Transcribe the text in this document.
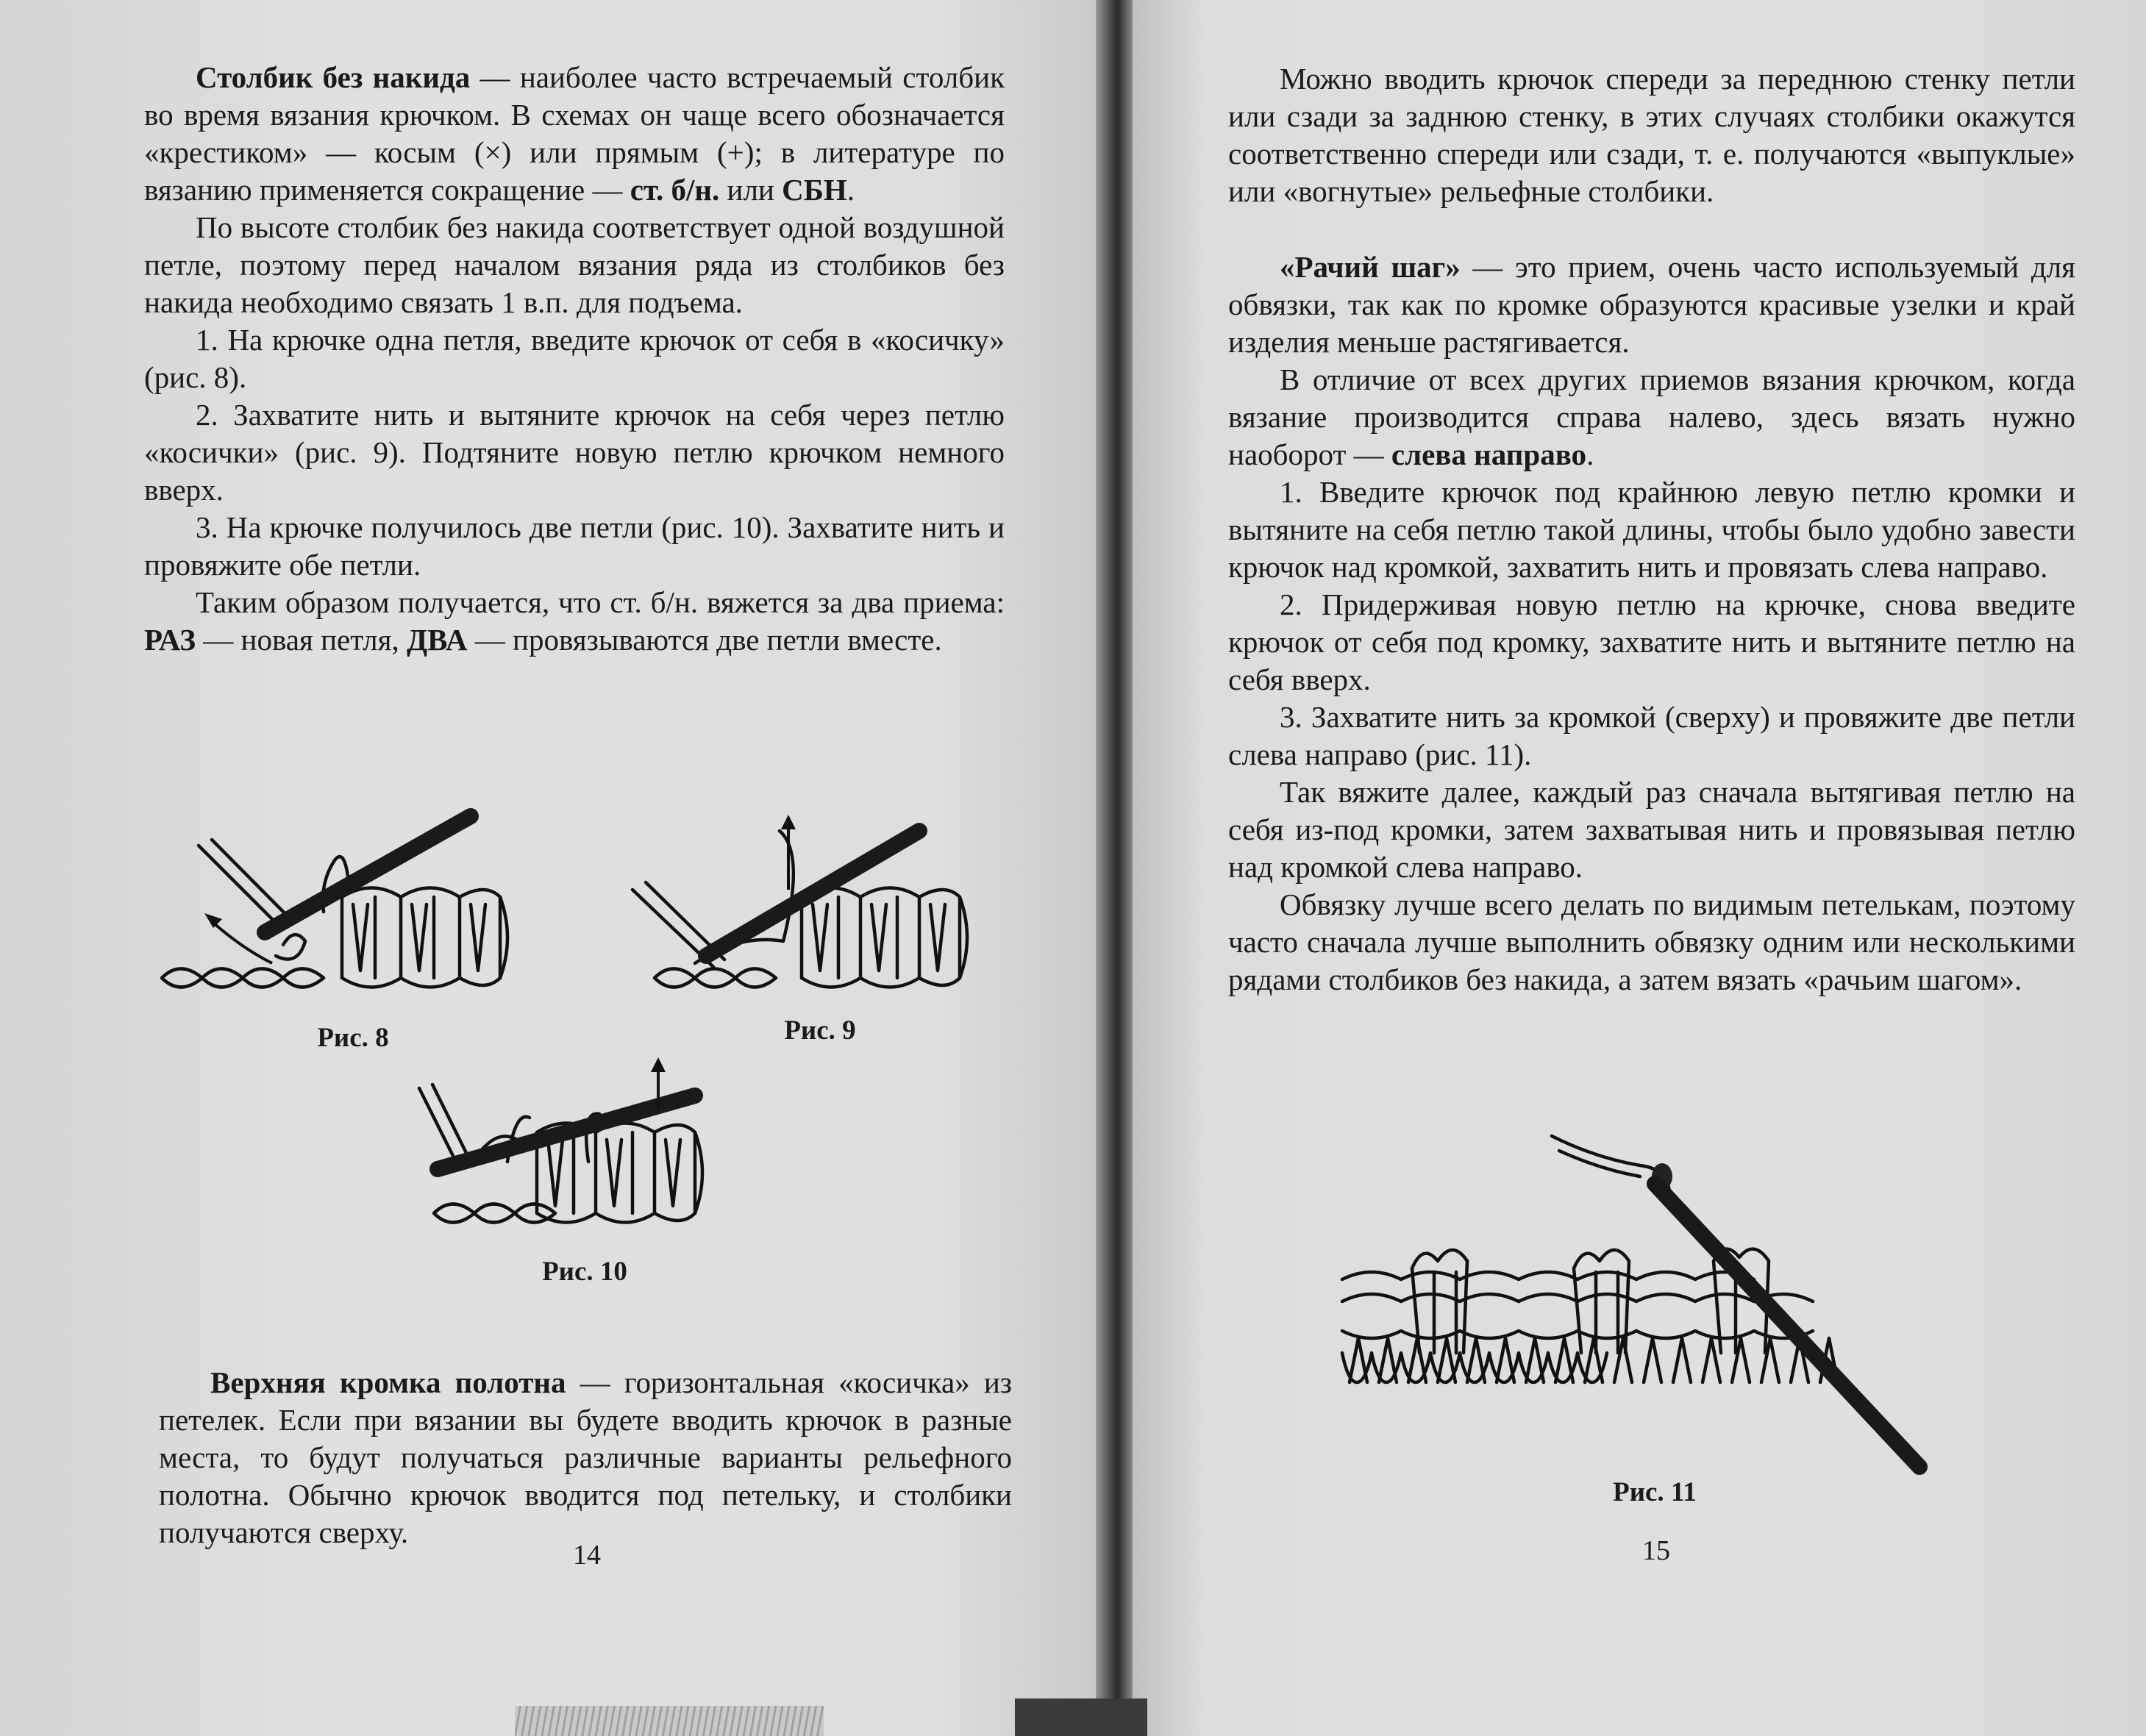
Столбик без накида — наиболее часто встречаемый столбик во время вязания крючком. В схемах он чаще всего обозначается «крестиком» — косым (×) или прямым (+); в литературе по вязанию применяется сокращение — ст. б/н. или СБН.

По высоте столбик без накида соответствует одной воздушной петле, поэтому перед началом вязания ряда из столбиков без накида необходимо связать 1 в.п. для подъема.

1. На крючке одна петля, введите крючок от себя в «косичку» (рис. 8).

2. Захватите нить и вытяните крючок на себя через петлю «косички» (рис. 9). Подтяните новую петлю крючком немного вверх.

3. На крючке получилось две петли (рис. 10). Захватите нить и провяжите обе петли.

Таким образом получается, что ст. б/н. вяжется за два приема: РАЗ — новая петля, ДВА — провязываются две петли вместе.

Рис. 8	Рис. 9
Рис. 10

Верхняя кромка полотна — горизонтальная «косичка» из петелек. Если при вязании вы будете вводить крючок в разные места, то будут получаться различные варианты рельефного полотна. Обычно крючок вводится под петельку, и столбики получаются сверху.

14

Можно вводить крючок спереди за переднюю стенку петли или сзади за заднюю стенку, в этих случаях столбики окажутся соответственно спереди или сзади, т. е. получаются «выпуклые» или «вогнутые» рельефные столбики.

«Рачий шаг» — это прием, очень часто используемый для обвязки, так как по кромке образуются красивые узелки и край изделия меньше растягивается.

В отличие от всех других приемов вязания крючком, когда вязание производится справа налево, здесь вязать нужно наоборот — слева направо.

1. Введите крючок под крайнюю левую петлю кромки и вытяните на себя петлю такой длины, чтобы было удобно завести крючок над кромкой, захватить нить и провязать слева направо.

2. Придерживая новую петлю на крючке, снова введите крючок от себя под кромку, захватите нить и вытяните петлю на себя вверх.

3. Захватите нить за кромкой (сверху) и провяжите две петли слева направо (рис. 11).

Так вяжите далее, каждый раз сначала вытягивая петлю на себя из-под кромки, затем захватывая нить и провязывая петлю над кромкой слева направо.

Обвязку лучше всего делать по видимым петелькам, поэтому часто сначала лучше выполнить обвязку одним или несколькими рядами столбиков без накида, а затем вязать «рачьим шагом».

Рис. 11
15
